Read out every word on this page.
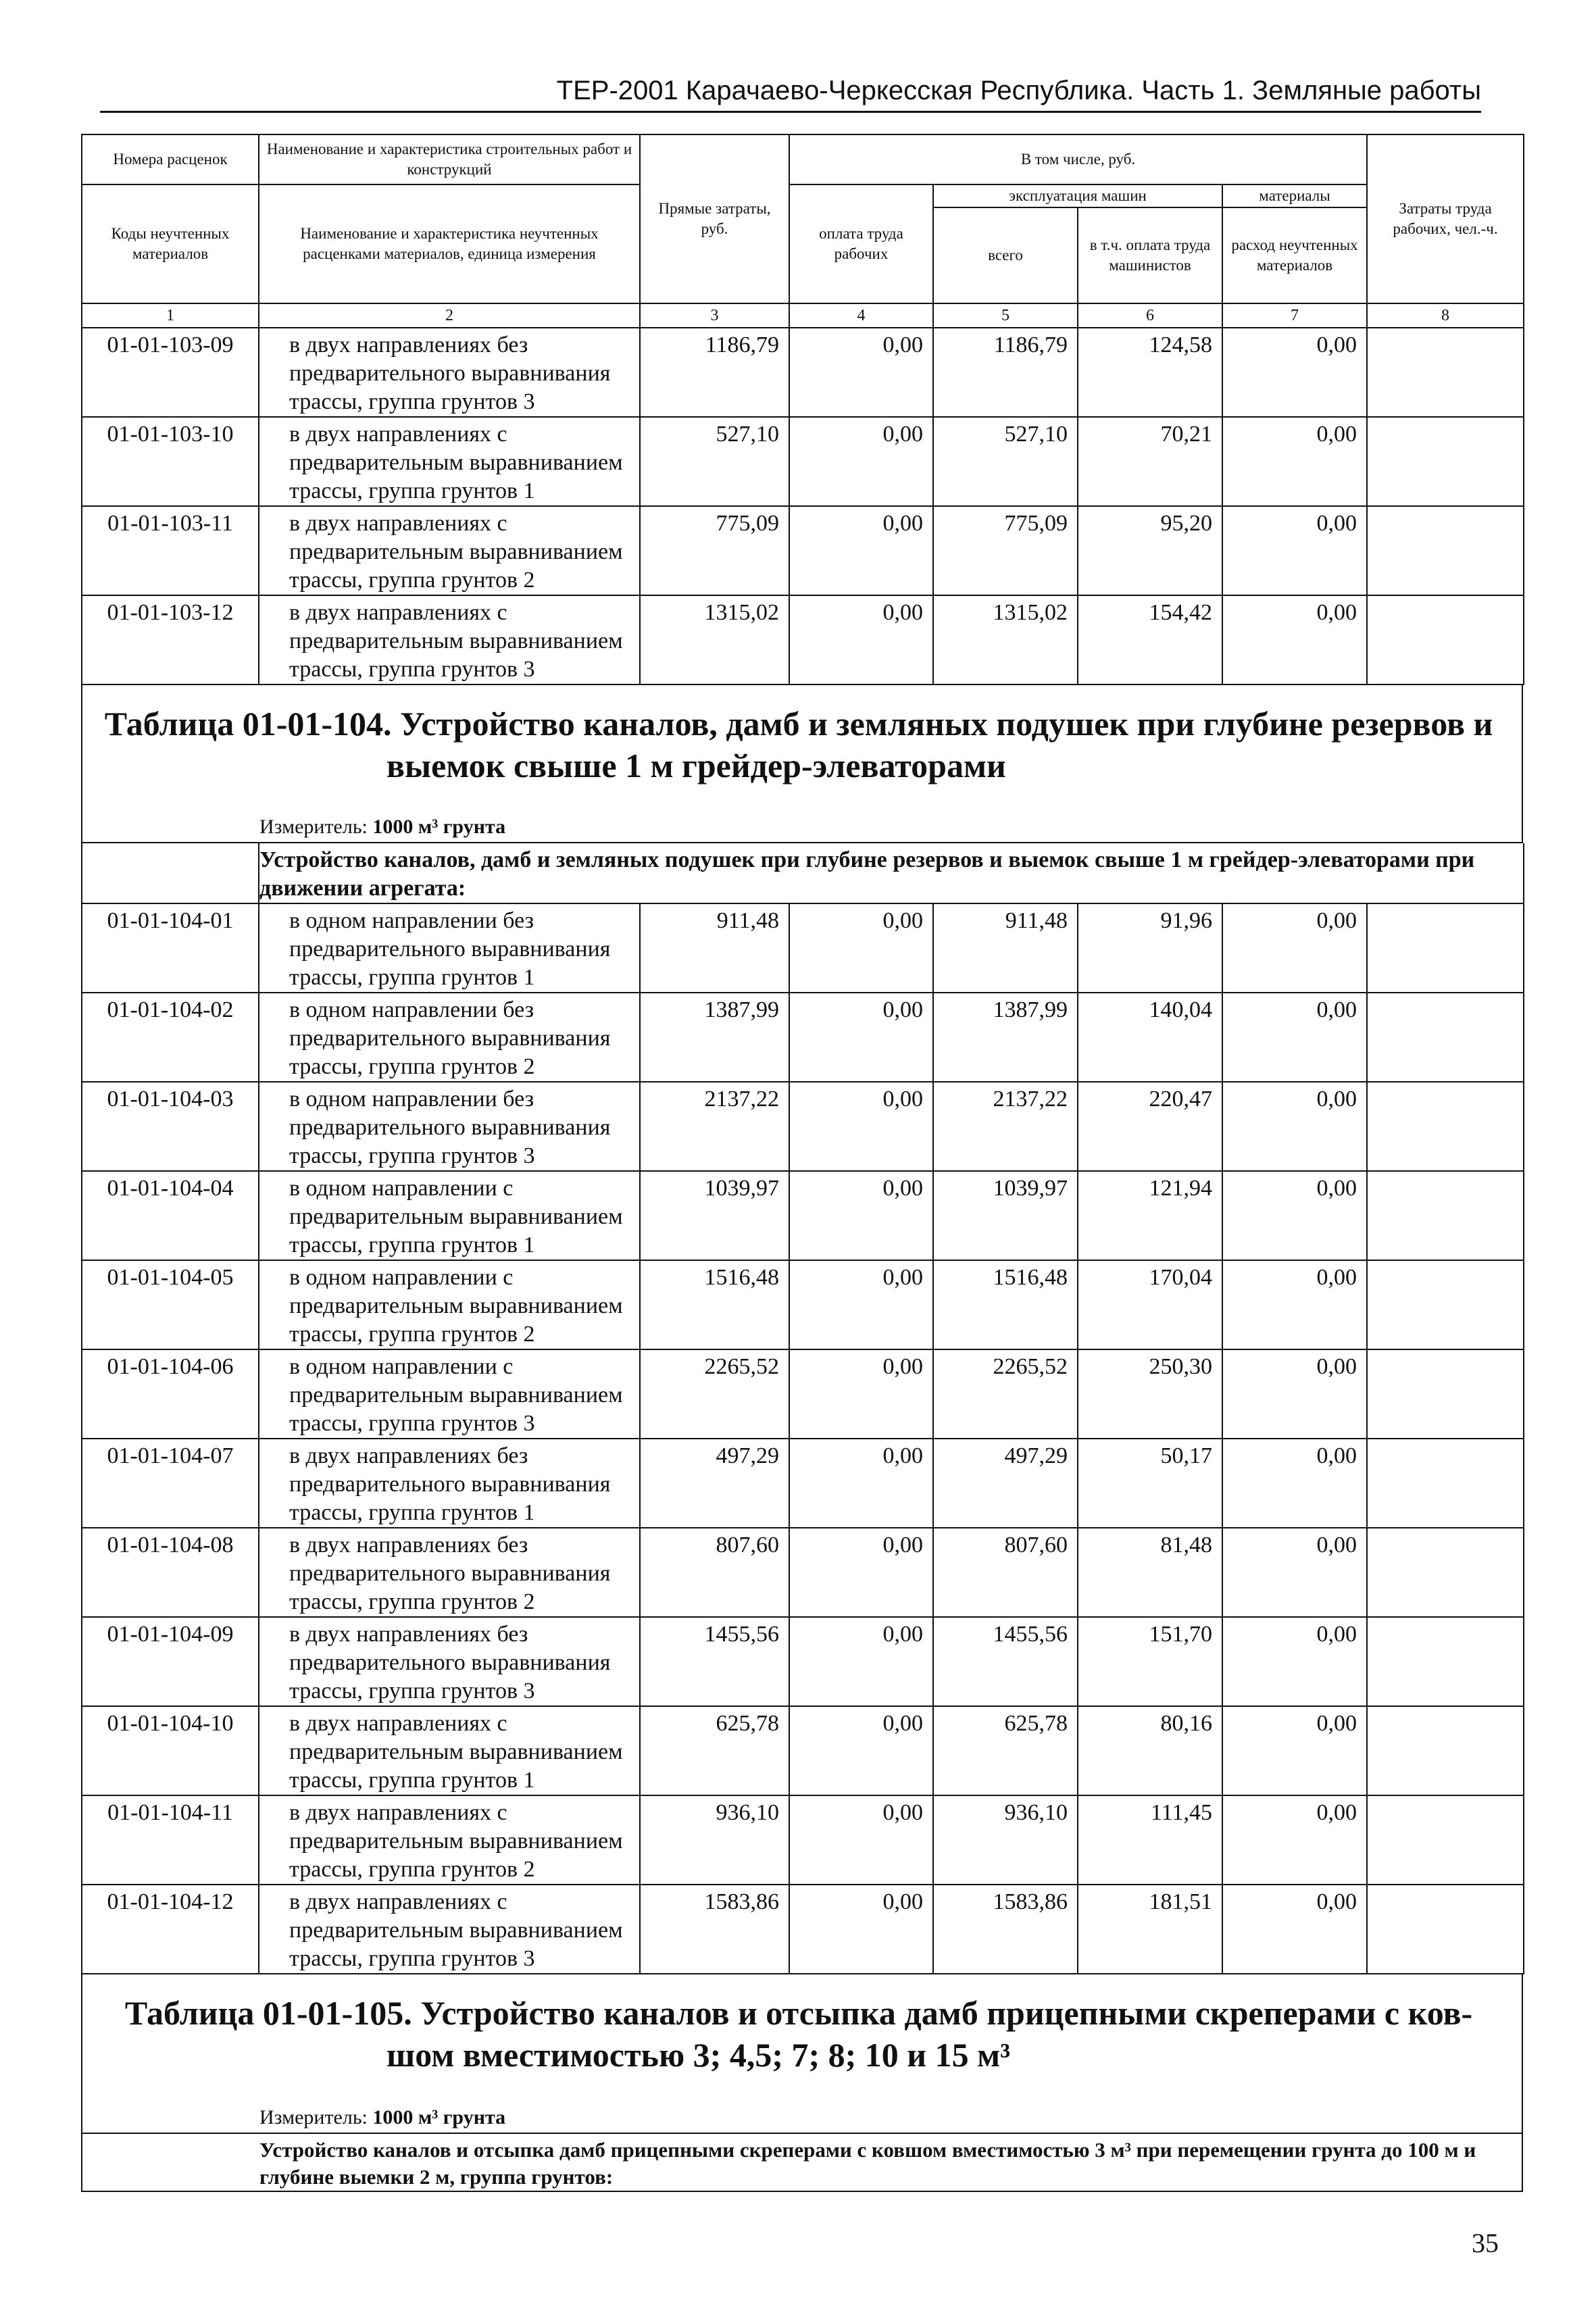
ТЕР-2001 Карачаево-Черкесская Республика. Часть 1. Земляные работы
Номера расценок	Наименование и характеристика строительных работ и конструкций	Прямые затраты, руб.	В том числе, руб.				Затраты труда рабочих, чел.-ч.
Коды неучтенных материалов	Наименование и характеристика неучтенных расценками материалов, единица измерения		оплата труда рабочих	эксплуатация машин		материалы	
				всего	в т.ч. оплата труда машинистов	расход неучтенных материалов	
1	2	3	4	5	6	7	8
01-01-103-09	в двух направлениях без предварительного выравнивания трассы, группа грунтов 3	1186,79	0,00	1186,79	124,58	0,00	
01-01-103-10	в двух направлениях с предварительным выравниванием трассы, группа грунтов 1	527,10	0,00	527,10	70,21	0,00	
01-01-103-11	в двух направлениях с предварительным выравниванием трассы, группа грунтов 2	775,09	0,00	775,09	95,20	0,00	
01-01-103-12	в двух направлениях с предварительным выравниванием трассы, группа грунтов 3	1315,02	0,00	1315,02	154,42	0,00	
Таблица 01-01-104. Устройство каналов, дамб и земляных подушек при глубине резервов и
выемок свыше 1 м грейдер-элеваторами
Измеритель: 1000 м³ грунта
	Устройство каналов, дамб и земляных подушек при глубине резервов и выемок свыше 1 м грейдер-элеваторами при движении агрегата:						
01-01-104-01	в одном направлении без предварительного выравнивания трассы, группа грунтов 1	911,48	0,00	911,48	91,96	0,00	
01-01-104-02	в одном направлении без предварительного выравнивания трассы, группа грунтов 2	1387,99	0,00	1387,99	140,04	0,00	
01-01-104-03	в одном направлении без предварительного выравнивания трассы, группа грунтов 3	2137,22	0,00	2137,22	220,47	0,00	
01-01-104-04	в одном направлении с предварительным выравниванием трассы, группа грунтов 1	1039,97	0,00	1039,97	121,94	0,00	
01-01-104-05	в одном направлении с предварительным выравниванием трассы, группа грунтов 2	1516,48	0,00	1516,48	170,04	0,00	
01-01-104-06	в одном направлении с предварительным выравниванием трассы, группа грунтов 3	2265,52	0,00	2265,52	250,30	0,00	
01-01-104-07	в двух направлениях без предварительного выравнивания трассы, группа грунтов 1	497,29	0,00	497,29	50,17	0,00	
01-01-104-08	в двух направлениях без предварительного выравнивания трассы, группа грунтов 2	807,60	0,00	807,60	81,48	0,00	
01-01-104-09	в двух направлениях без предварительного выравнивания трассы, группа грунтов 3	1455,56	0,00	1455,56	151,70	0,00	
01-01-104-10	в двух направлениях с предварительным выравниванием трассы, группа грунтов 1	625,78	0,00	625,78	80,16	0,00	
01-01-104-11	в двух направлениях с предварительным выравниванием трассы, группа грунтов 2	936,10	0,00	936,10	111,45	0,00	
01-01-104-12	в двух направлениях с предварительным выравниванием трассы, группа грунтов 3	1583,86	0,00	1583,86	181,51	0,00	
Таблица 01-01-105. Устройство каналов и отсыпка дамб прицепными скреперами с ков-
шом вместимостью 3; 4,5; 7; 8; 10 и 15 м³
Измеритель: 1000 м³ грунта
Устройство каналов и отсыпка дамб прицепными скреперами с ковшом вместимостью 3 м³ при перемещении грунта до 100 м и глубине выемки 2 м, группа грунтов:
35
